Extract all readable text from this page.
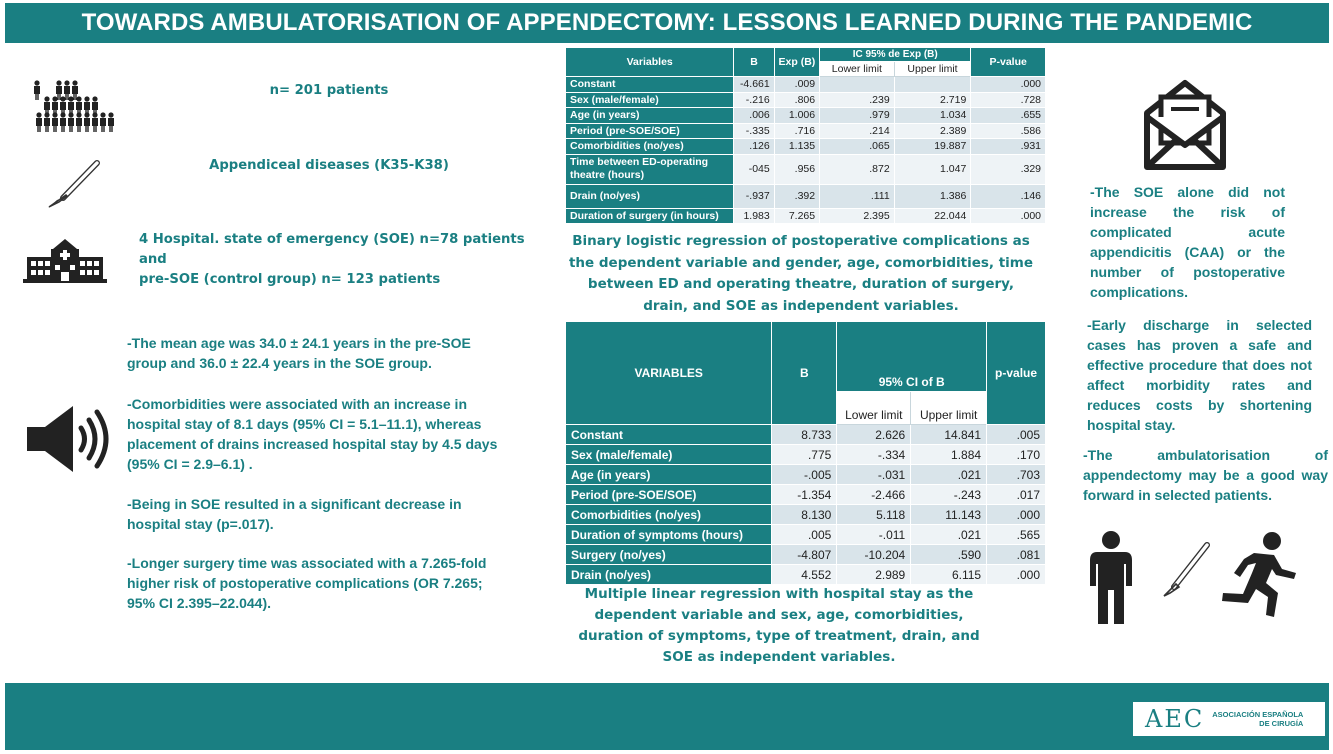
TOWARDS AMBULATORISATION OF APPENDECTOMY: LESSONS LEARNED DURING THE PANDEMIC
n= 201 patients
Appendiceal diseases (K35-K38)
4 Hospital. state of emergency (SOE) n=78 patients and
pre-SOE (control group) n= 123 patients
-The mean age was 34.0 ± 24.1 years in the pre-SOE group and 36.0 ± 22.4 years in the SOE group.
-Comorbidities were associated with an increase in hospital stay of 8.1 days (95% CI = 5.1–11.1), whereas placement of drains increased hospital stay by 4.5 days (95% CI = 2.9–6.1) .
-Being in SOE resulted in a significant decrease in hospital stay (p=.017).
-Longer surgery time was associated with a 7.265-fold higher risk of postoperative complications (OR 7.265; 95% CI 2.395–22.044).
Variables	B	Exp (B)	IC 95% de Exp (B)		P-value
			Lower limit	Upper limit	
Constant	-4.661	.009			.000
Sex (male/female)	-.216	.806	.239	2.719	.728
Age (in years)	.006	1.006	.979	1.034	.655
Period (pre-SOE/SOE)	-.335	.716	.214	2.389	.586
Comorbidities (no/yes)	.126	1.135	.065	19.887	.931
Time between ED-operating theatre (hours)	-045	.956	.872	1.047	.329
Drain (no/yes)	-.937	.392	.111	1.386	.146
Duration of surgery (in hours)	1.983	7.265	2.395	22.044	.000
Binary logistic regression of postoperative complications as the dependent variable and gender, age, comorbidities, time between ED and operating theatre, duration of surgery, drain, and SOE as independent variables.
VARIABLES	B	95% CI of B		p-value
		Lower limit	Upper limit	
Constant	8.733	2.626	14.841	.005
Sex (male/female)	.775	-.334	1.884	.170
Age (in years)	-.005	-.031	.021	.703
Period (pre-SOE/SOE)	-1.354	-2.466	-.243	.017
Comorbidities (no/yes)	8.130	5.118	11.143	.000
Duration of symptoms (hours)	.005	-.011	.021	.565
Surgery (no/yes)	-4.807	-10.204	.590	.081
Drain (no/yes)	4.552	2.989	6.115	.000
Multiple linear regression with hospital stay as the dependent variable and sex, age, comorbidities, duration of symptoms, type of treatment, drain, and SOE as independent variables.
-The SOE alone did not increase the risk of complicated acute appendicitis (CAA) or the number of postoperative complications.
-Early discharge in selected cases has proven a safe and effective procedure that does not affect morbidity rates and reduces costs by shortening hospital stay.
-The ambulatorisation of appendectomy may be a good way forward in selected patients.
AEC ASOCIACIÓN ESPAÑOLA
DE CIRUGÍA
